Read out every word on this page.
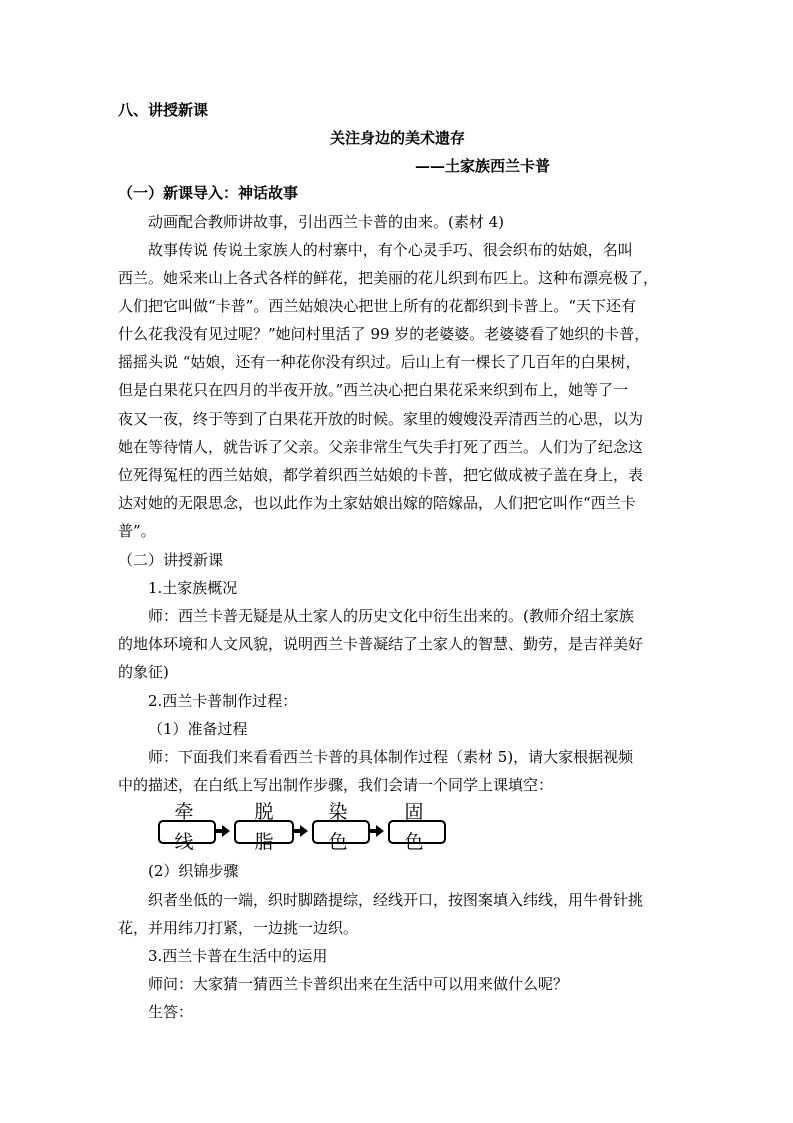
八、讲授新课
关注身边的美术遗存
——土家族西兰卡普
（一）新课导入：神话故事
动画配合教师讲故事，引出西兰卡普的由来。(素材 4)
故事传说 传说土家族人的村寨中，有个心灵手巧、很会织布的姑娘，名叫
西兰。她采来山上各式各样的鲜花，把美丽的花儿织到布匹上。这种布漂亮极了，
人们把它叫做“卡普”。西兰姑娘决心把世上所有的花都织到卡普上。“天下还有
什么花我没有见过呢？”她问村里活了 99 岁的老婆婆。老婆婆看了她织的卡普，
摇摇头说 “姑娘，还有一种花你没有织过。后山上有一棵长了几百年的白果树，
但是白果花只在四月的半夜开放。”西兰决心把白果花采来织到布上，她等了一
夜又一夜，终于等到了白果花开放的时候。家里的嫂嫂没弄清西兰的心思，以为
她在等待情人，就告诉了父亲。父亲非常生气失手打死了西兰。人们为了纪念这
位死得冤枉的西兰姑娘，都学着织西兰姑娘的卡普，把它做成被子盖在身上，表
达对她的无限思念，也以此作为土家姑娘出嫁的陪嫁品，人们把它叫作“西兰卡
普”。
（二）讲授新课
1.土家族概况
师：西兰卡普无疑是从土家人的历史文化中衍生出来的。(教师介绍土家族
的地体环境和人文风貌，说明西兰卡普凝结了土家人的智慧、勤劳，是吉祥美好
的象征)
2.西兰卡普制作过程：
（1）准备过程
师：下面我们来看看西兰卡普的具体制作过程（素材 5)，请大家根据视频
中的描述，在白纸上写出制作步骤，我们会请一个同学上课填空：
牵
线
脱
脂
染
色
固
色
(2）织锦步骤
织者坐低的一端，织时脚踏提综，经线开口，按图案填入纬线，用牛骨针挑
花，并用纬刀打紧，一边挑一边织。
3.西兰卡普在生活中的运用
师问：大家猜一猜西兰卡普织出来在生活中可以用来做什么呢？
生答：
